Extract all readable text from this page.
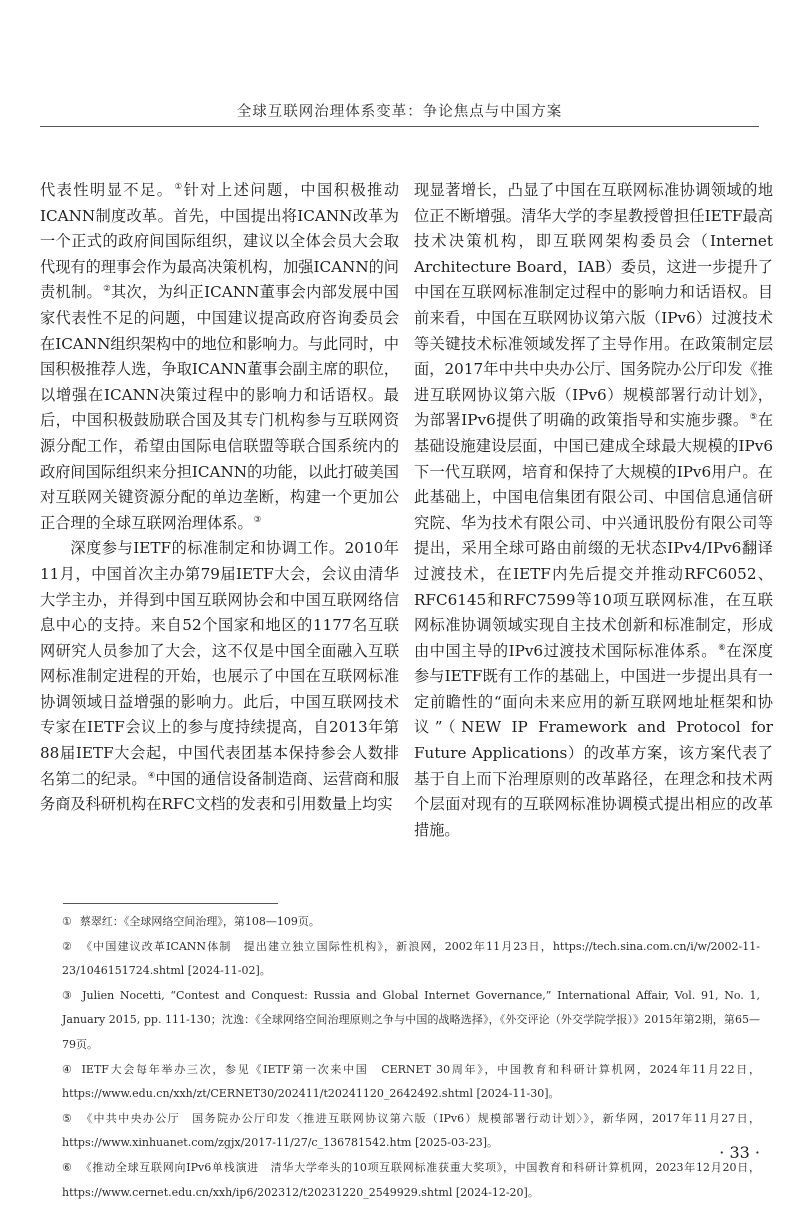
全球互联网治理体系变革：争论焦点与中国方案

代表性明显不足。①针对上述问题，中国积极推动ICANN制度改革。首先，中国提出将ICANN改革为一个正式的政府间国际组织，建议以全体会员大会取代现有的理事会作为最高决策机构，加强ICANN的问责机制。②其次，为纠正ICANN董事会内部发展中国家代表性不足的问题，中国建议提高政府咨询委员会在ICANN组织架构中的地位和影响力。与此同时，中国积极推荐人选，争取ICANN董事会副主席的职位，以增强在ICANN决策过程中的影响力和话语权。最后，中国积极鼓励联合国及其专门机构参与互联网资源分配工作，希望由国际电信联盟等联合国系统内的政府间国际组织来分担ICANN的功能，以此打破美国对互联网关键资源分配的单边垄断，构建一个更加公正合理的全球互联网治理体系。③

深度参与IETF的标准制定和协调工作。2010年11月，中国首次主办第79届IETF大会，会议由清华大学主办，并得到中国互联网协会和中国互联网络信息中心的支持。来自52个国家和地区的1177名互联网研究人员参加了大会，这不仅是中国全面融入互联网标准制定进程的开始，也展示了中国在互联网标准协调领域日益增强的影响力。此后，中国互联网技术专家在IETF会议上的参与度持续提高，自2013年第88届IETF大会起，中国代表团基本保持参会人数排名第二的纪录。④中国的通信设备制造商、运营商和服务商及科研机构在RFC文档的发表和引用数量上均实

现显著增长，凸显了中国在互联网标准协调领域的地位正不断增强。清华大学的李星教授曾担任IETF最高技术决策机构，即互联网架构委员会（Internet Architecture Board，IAB）委员，这进一步提升了中国在互联网标准制定过程中的影响力和话语权。目前来看，中国在互联网协议第六版（IPv6）过渡技术等关键技术标准领域发挥了主导作用。在政策制定层面，2017年中共中央办公厅、国务院办公厅印发《推进互联网协议第六版（IPv6）规模部署行动计划》，为部署IPv6提供了明确的政策指导和实施步骤。⑤在基础设施建设层面，中国已建成全球最大规模的IPv6下一代互联网，培育和保持了大规模的IPv6用户。在此基础上，中国电信集团有限公司、中国信息通信研究院、华为技术有限公司、中兴通讯股份有限公司等提出，采用全球可路由前缀的无状态IPv4/IPv6翻译过渡技术，在IETF内先后提交并推动RFC6052、RFC6145和RFC7599等10项互联网标准，在互联网标准协调领域实现自主技术创新和标准制定，形成由中国主导的IPv6过渡技术国际标准体系。⑥在深度参与IETF既有工作的基础上，中国进一步提出具有一定前瞻性的“面向未来应用的新互联网地址框架和协议”（NEW IP Framework and Protocol for Future Applications）的改革方案，该方案代表了基于自上而下治理原则的改革路径，在理念和技术两个层面对现有的互联网标准协调模式提出相应的改革措施。

① 蔡翠红：《全球网络空间治理》，第108—109页。

② 《中国建议改革ICANN体制　提出建立独立国际性机构》，新浪网，2002年11月23日，https://tech.sina.com.cn/i/w/2002-11-23/1046151724.shtml [2024-11-02]。

③ Julien Nocetti, “Contest and Conquest: Russia and Global Internet Governance,” International Affair, Vol. 91, No. 1, January 2015, pp. 111-130；沈逸：《全球网络空间治理原则之争与中国的战略选择》，《外交评论（外交学院学报）》2015年第2期，第65—79页。

④ IETF大会每年举办三次，参见《IETF第一次来中国　CERNET 30周年》，中国教育和科研计算机网，2024年11月22日，https://www.edu.cn/xxh/zt/CERNET30/202411/t20241120_2642492.shtml [2024-11-30]。

⑤ 《中共中央办公厅　国务院办公厅印发〈推进互联网协议第六版（IPv6）规模部署行动计划〉》，新华网，2017年11月27日，https://www.xinhuanet.com/zgjx/2017-11/27/c_136781542.htm [2025-03-23]。

⑥ 《推动全球互联网向IPv6单栈演进　清华大学牵头的10项互联网标准获重大奖项》，中国教育和科研计算机网，2023年12月20日，https://www.cernet.edu.cn/xxh/ip6/202312/t20231220_2549929.shtml [2024-12-20]。

· 33 ·
